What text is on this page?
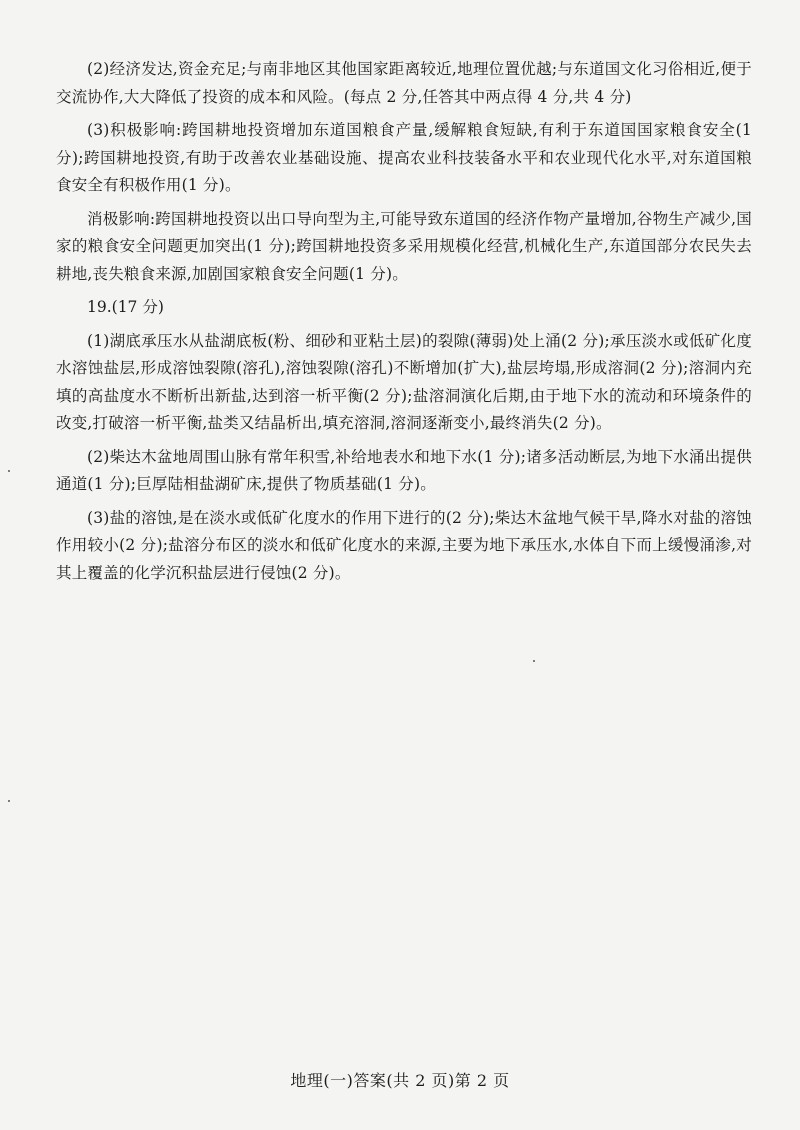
(2)经济发达,资金充足;与南非地区其他国家距离较近,地理位置优越;与东道国文化习俗相近,便于交流协作,大大降低了投资的成本和风险。(每点 2 分,任答其中两点得 4 分,共 4 分)

(3)积极影响:跨国耕地投资增加东道国粮食产量,缓解粮食短缺,有利于东道国国家粮食安全(1 分);跨国耕地投资,有助于改善农业基础设施、提高农业科技装备水平和农业现代化水平,对东道国粮食安全有积极作用(1 分)。

消极影响:跨国耕地投资以出口导向型为主,可能导致东道国的经济作物产量增加,谷物生产减少,国家的粮食安全问题更加突出(1 分);跨国耕地投资多采用规模化经营,机械化生产,东道国部分农民失去耕地,丧失粮食来源,加剧国家粮食安全问题(1 分)。

19.(17 分)

(1)湖底承压水从盐湖底板(粉、细砂和亚粘土层)的裂隙(薄弱)处上涌(2 分);承压淡水或低矿化度水溶蚀盐层,形成溶蚀裂隙(溶孔),溶蚀裂隙(溶孔)不断增加(扩大),盐层垮塌,形成溶洞(2 分);溶洞内充填的高盐度水不断析出新盐,达到溶一析平衡(2 分);盐溶洞演化后期,由于地下水的流动和环境条件的改变,打破溶一析平衡,盐类又结晶析出,填充溶洞,溶洞逐渐变小,最终消失(2 分)。

(2)柴达木盆地周围山脉有常年积雪,补给地表水和地下水(1 分);诸多活动断层,为地下水涌出提供通道(1 分);巨厚陆相盐湖矿床,提供了物质基础(1 分)。

(3)盐的溶蚀,是在淡水或低矿化度水的作用下进行的(2 分);柴达木盆地气候干旱,降水对盐的溶蚀作用较小(2 分);盐溶分布区的淡水和低矿化度水的来源,主要为地下承压水,水体自下而上缓慢涌渗,对其上覆盖的化学沉积盐层进行侵蚀(2 分)。

地理(一)答案(共 2 页)第 2 页
